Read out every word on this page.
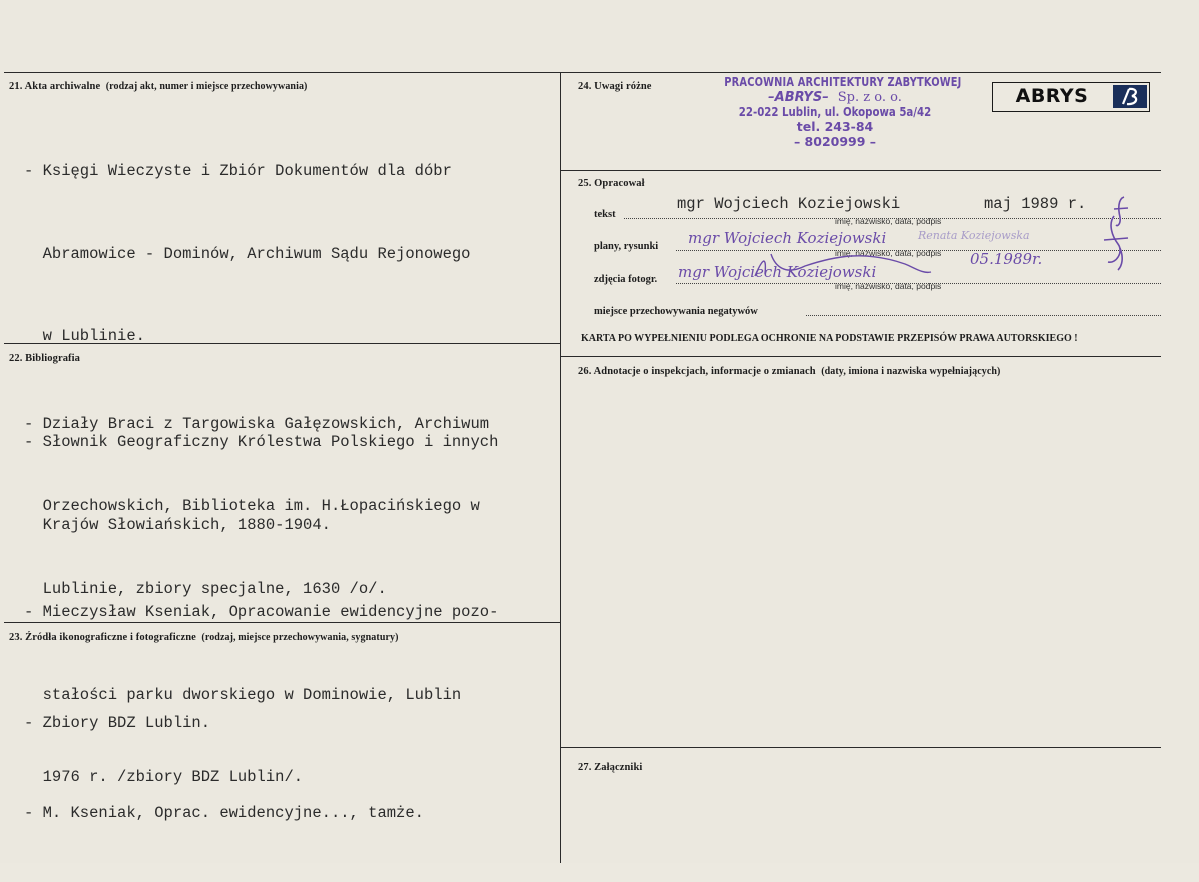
21. Akta archiwalne (rodzaj akt, numer i miejsce przechowywania)

- Księgi Wieczyste i Zbiór Dokumentów dla dóbr

Abramowice - Dominów, Archiwum Sądu Rejonowego

w Lublinie.

- Działy Braci z Targowiska Gałęzowskich, Archiwum

Orzechowskich, Biblioteka im. H.Łopacińskiego w

Lublinie, zbiory specjalne, 1630 /o/.

22. Bibliografia

- Słownik Geograficzny Królestwa Polskiego i innych

Krajów Słowiańskich, 1880-1904.

- Mieczysław Kseniak, Opracowanie ewidencyjne pozo-

stałości parku dworskiego w Dominowie, Lublin

1976 r. /zbiory BDZ Lublin/.

23. Źródła ikonograficzne i fotograficzne (rodzaj, miejsce przechowywania, sygnatury)

- Zbiory BDZ Lublin.

- M. Kseniak, Oprac. ewidencyjne..., tamże.

24. Uwagi różne	PRACOWNIA ARCHITEKTURY ZABYTKOWEJ
–ABRYS– Sp. z o. o.
22-022 Lublin, ul. Okopowa 5a/42
tel. 243-84
– 8020999 –
ABRYS
25. Opracował
tekst
mgr Wojciech Koziejowski	maj 1989 r.
imię, nazwisko, data, podpis
plany, rysunki mgr Wojciech Koziejowski	Renata Koziejowska
imię, nazwisko, data, podpis
zdjęcia fotogr. mgr Wojciech Koziejowski
05.1989r.
imię, nazwisko, data, podpis
miejsce przechowywania negatywów
KARTA PO WYPEŁNIENIU PODLEGA OCHRONIE NA PODSTAWIE PRZEPISÓW PRAWA AUTORSKIEGO !
26. Adnotacje o inspekcjach, informacje o zmianach (daty, imiona i nazwiska wypełniających)
27. Załączniki
